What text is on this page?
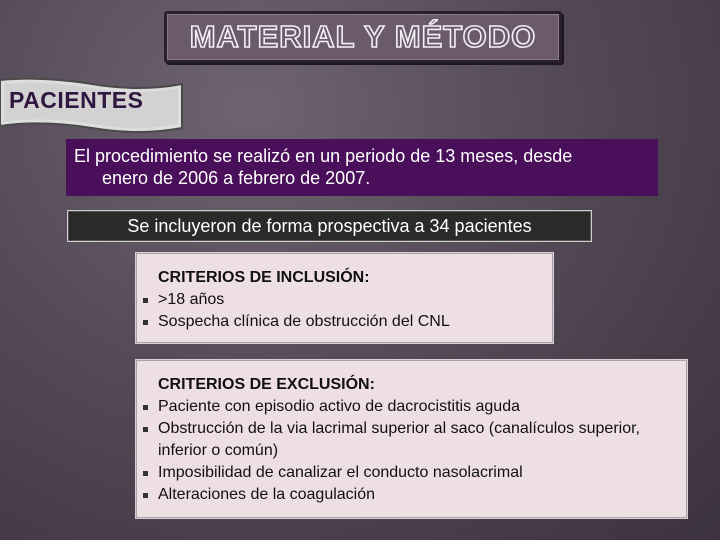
MATERIAL Y MÉTODO
PACIENTES
El procedimiento se realizó en un periodo de 13 meses, desde
enero de 2006 a febrero de 2007.
Se incluyeron de forma prospectiva a 34 pacientes
CRITERIOS DE INCLUSIÓN:
>18 años
Sospecha clínica de obstrucción del CNL
CRITERIOS DE EXCLUSIÓN:
Paciente con episodio activo de dacrocistitis aguda
Obstrucción de la via lacrimal superior al saco (canalículos superior, inferior o común)
Imposibilidad de canalizar el conducto nasolacrimal
Alteraciones de la coagulación
